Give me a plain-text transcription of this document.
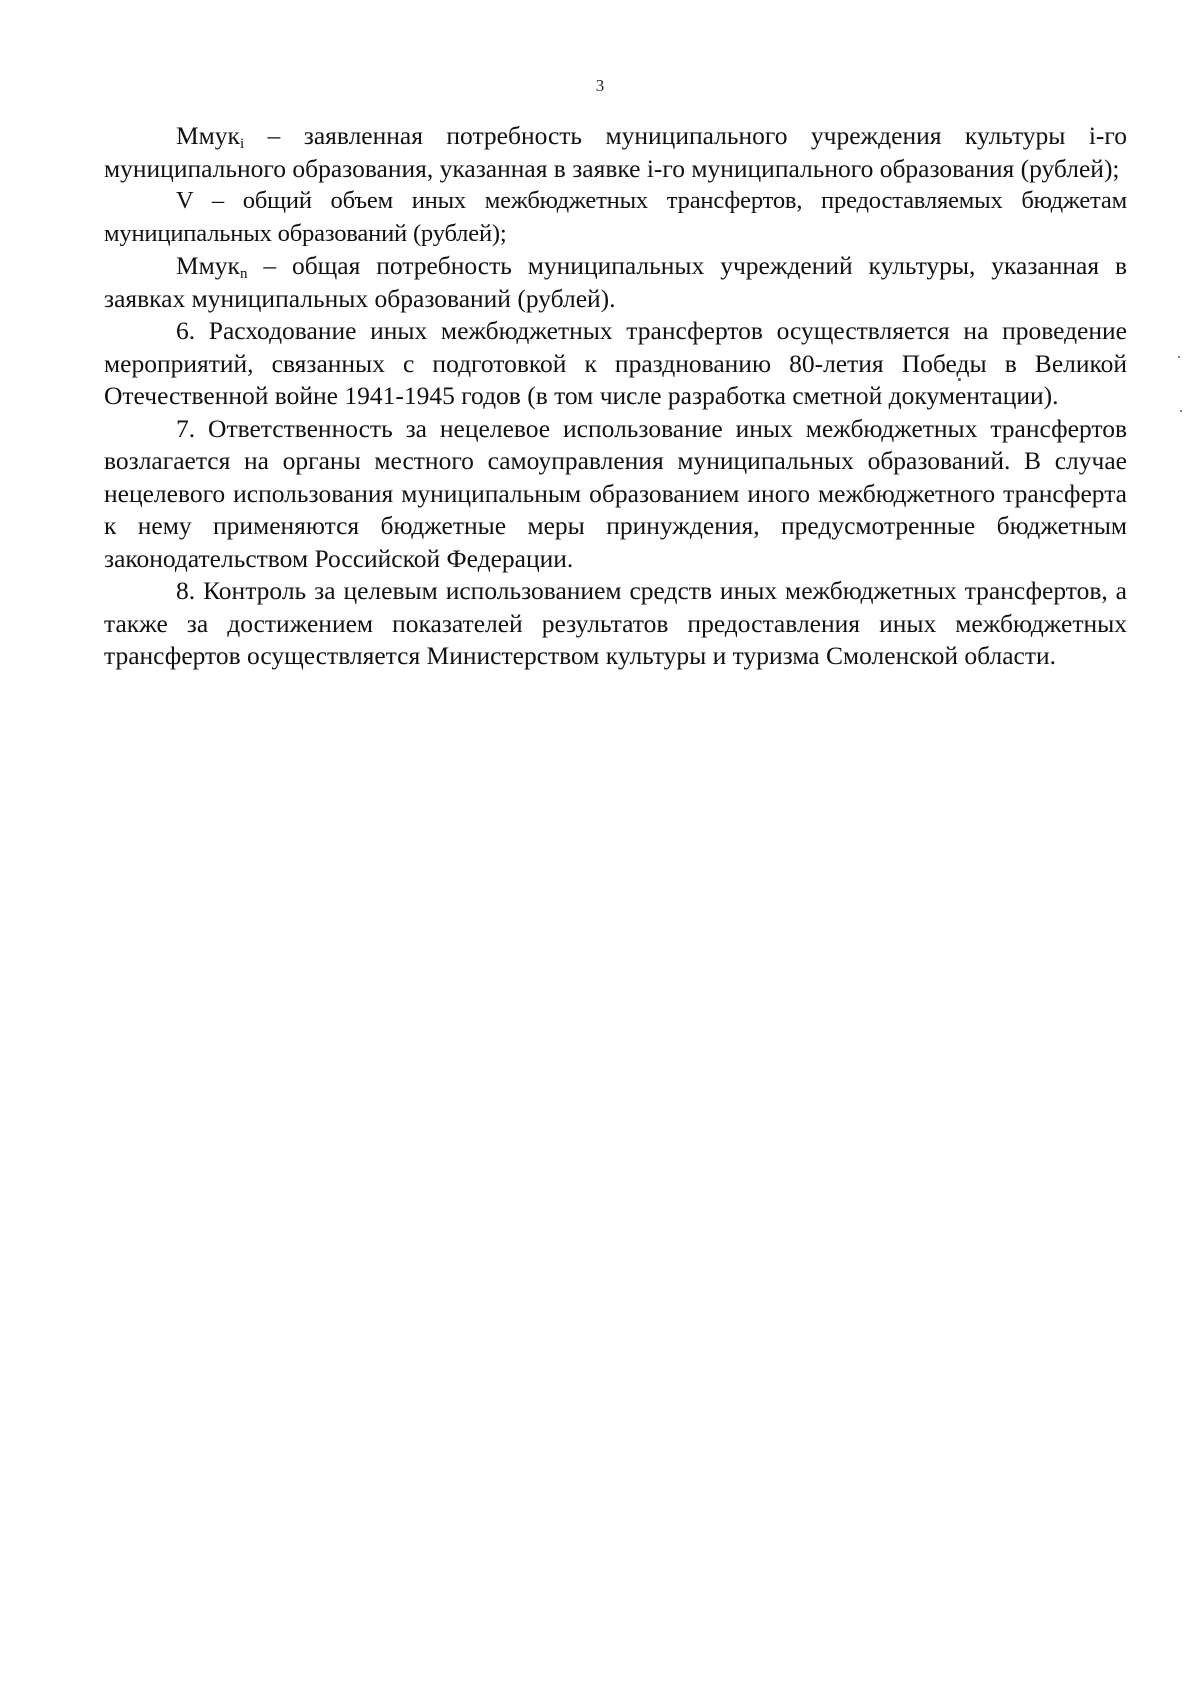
3

Ммук$_i$ – заявленная потребность муниципального учреждения культуры i-го муниципального образования, указанная в заявке i-го муниципального образования (рублей);

V – общий объем иных межбюджетных трансфертов, предоставляемых бюджетам муниципальных образований (рублей);

Ммук$_n$ – общая потребность муниципальных учреждений культуры, указанная в заявках муниципальных образований (рублей).

6. Расходование иных межбюджетных трансфертов осуществляется на проведение мероприятий, связанных с подготовкой к празднованию 80-летия Победы в Великой Отечественной войне 1941-1945 годов (в том числе разработка сметной документации).

7. Ответственность за нецелевое использование иных межбюджетных трансфертов возлагается на органы местного самоуправления муниципальных образований. В случае нецелевого использования муниципальным образованием иного межбюджетного трансферта к нему применяются бюджетные меры принуждения, предусмотренные бюджетным законодательством Российской Федерации.

8. Контроль за целевым использованием средств иных межбюджетных трансфертов, а также за достижением показателей результатов предоставления иных межбюджетных трансфертов осуществляется Министерством культуры и туризма Смоленской области.
